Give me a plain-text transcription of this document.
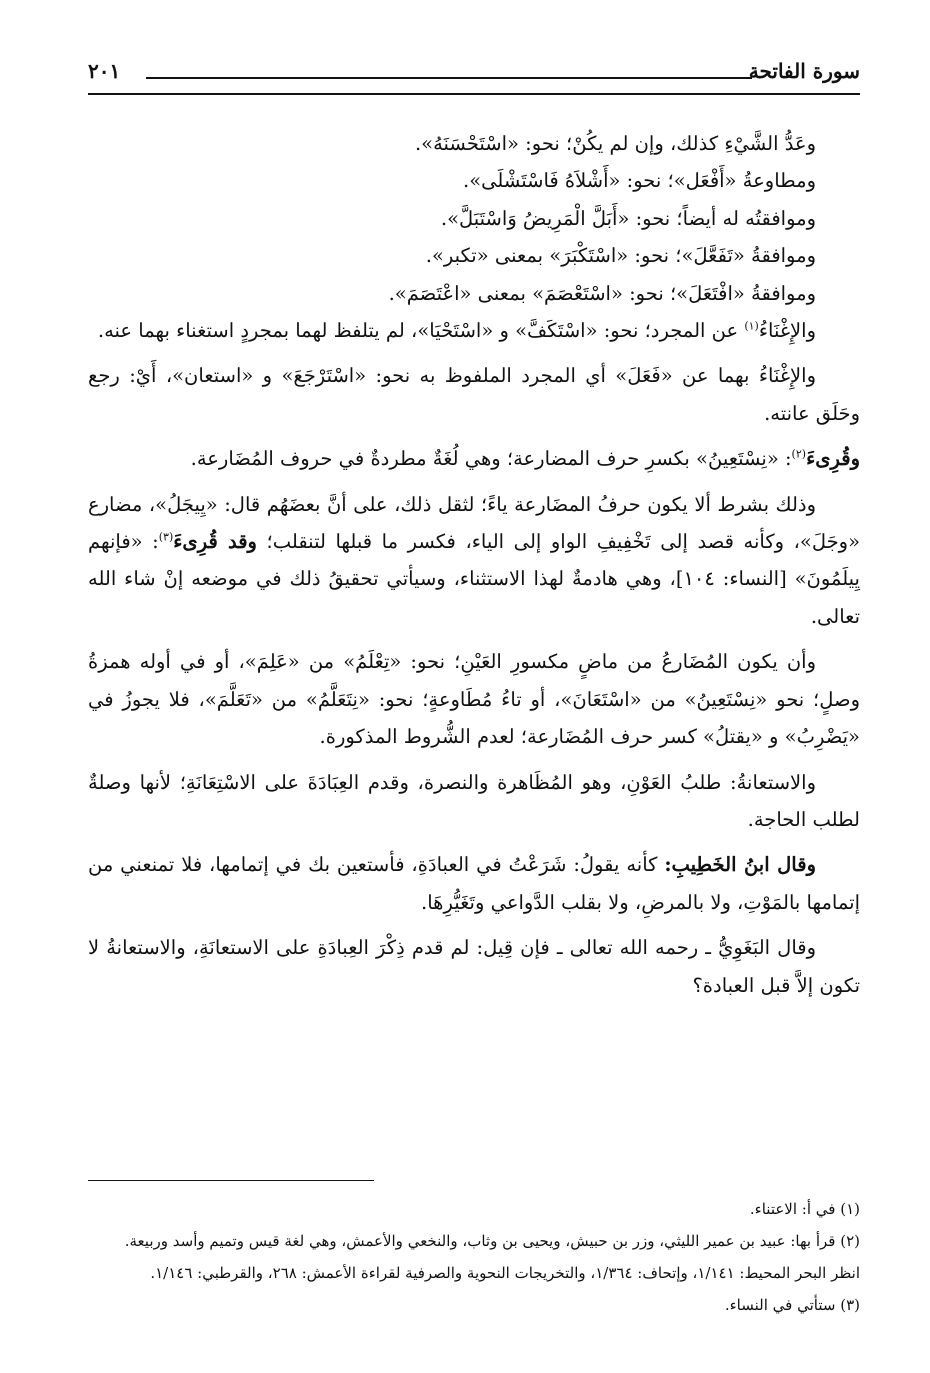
سورة الفاتحة
٢٠١

وعَدُّ الشَّيْءِ كذلك، وإن لم يكُنْ؛ نحو: «اسْتَحْسَنَهُ».

ومطاوعةُ «أَفْعَل»؛ نحو: «أَشْلاَهُ فَاسْتَشْلَى».

وموافقتُه له أيضاً؛ نحو: «أَبَلَّ الْمَرِيضُ وَاسْتَبَلَّ».

وموافقةُ «تَفَعَّلَ»؛ نحو: «اسْتَكْبَرَ» بمعنى «تكبر».

وموافقةُ «افْتَعَلَ»؛ نحو: «اسْتَعْصَمَ» بمعنى «اعْتَصَمَ».

والإِغْنَاءُ$^{(١)}$ عن المجرد؛ نحو: «اسْتَكَفَّ» و «اسْتَحْيَا»، لم يتلفظ لهما بمجردٍ استغناء بهما عنه.

والإِغْنَاءُ بهما عن «فَعَلَ» أي المجرد الملفوظ به نحو: «اسْتَرْجَعَ» و «استعان»، أَيْ: رجع وحَلَق عانته.

وقُرِىءَ$^{(٢)}$: «نِسْتَعِينُ» بكسرِ حرف المضارعة؛ وهي لُغَةٌ مطردةٌ في حروف المُضَارعة.

وذلك بشرط ألا يكون حرفُ المضَارعة ياءً؛ لثقل ذلك، على أنَّ بعضَهُم قال: «يِيجَلُ»، مضارع «وجَلَ»، وكأنه قصد إلى تَخْفِيفِ الواو إلى الياء، فكسر ما قبلها لتنقلب؛ وقد قُرِىءَ$^{(٣)}$: «فإنهم يِيلَمُونَ» [النساء: ١٠٤]، وهي هادمةٌ لهذا الاستثناء، وسيأتي تحقيقُ ذلك في موضعه إنْ شاء الله تعالى.

وأن يكون المُضَارعُ من ماضٍ مكسورِ العَيْنِ؛ نحو: «تِعْلَمُ» من «عَلِمَ»، أو في أوله همزةُ وصلٍ؛ نحو «نِسْتَعِينُ» من «اسْتَعَانَ»، أو تاءُ مُطَاوعةٍ؛ نحو: «نِتَعَلَّمُ» من «تَعَلَّمَ»، فلا يجوزُ في «يَضْرِبُ» و «يقتلُ» كسر حرف المُضَارعة؛ لعدم الشُّروط المذكورة.

والاستعانةُ: طلبُ العَوْنِ، وهو المُظَاهرة والنصرة، وقدم العِبَادَةَ على الاسْتِعَانَةِ؛ لأنها وصلةٌ لطلب الحاجة.

وقال ابنُ الخَطِيبِ: كأنه يقولُ: شَرَعْتُ في العبادَةِ، فأستعين بك في إتمامها، فلا تمنعني من إتمامها بالمَوْتِ، ولا بالمرضِ، ولا بقلب الدَّواعي وتَغَيُّرِهَا.

وقال البَغَوِيُّ ـ رحمه الله تعالى ـ فإن قِيل: لم قدم ذِكْرَ العِبادَةِ على الاستعانَةِ، والاستعانةُ لا تكون إلاَّ قبل العبادة؟

(١) في أ: الاعتناء.

(٢) قرأ بها: عبيد بن عمير الليثي، وزر بن حبيش، ويحيى بن وثاب، والنخعي والأعمش، وهي لغة قيس وتميم وأسد وربيعة.

انظر البحر المحيط: ١/١٤١، وإتحاف: ١/٣٦٤، والتخريجات النحوية والصرفية لقراءة الأعمش: ٢٦٨، والقرطبي: ١/١٤٦.

(٣) ستأتي في النساء.
